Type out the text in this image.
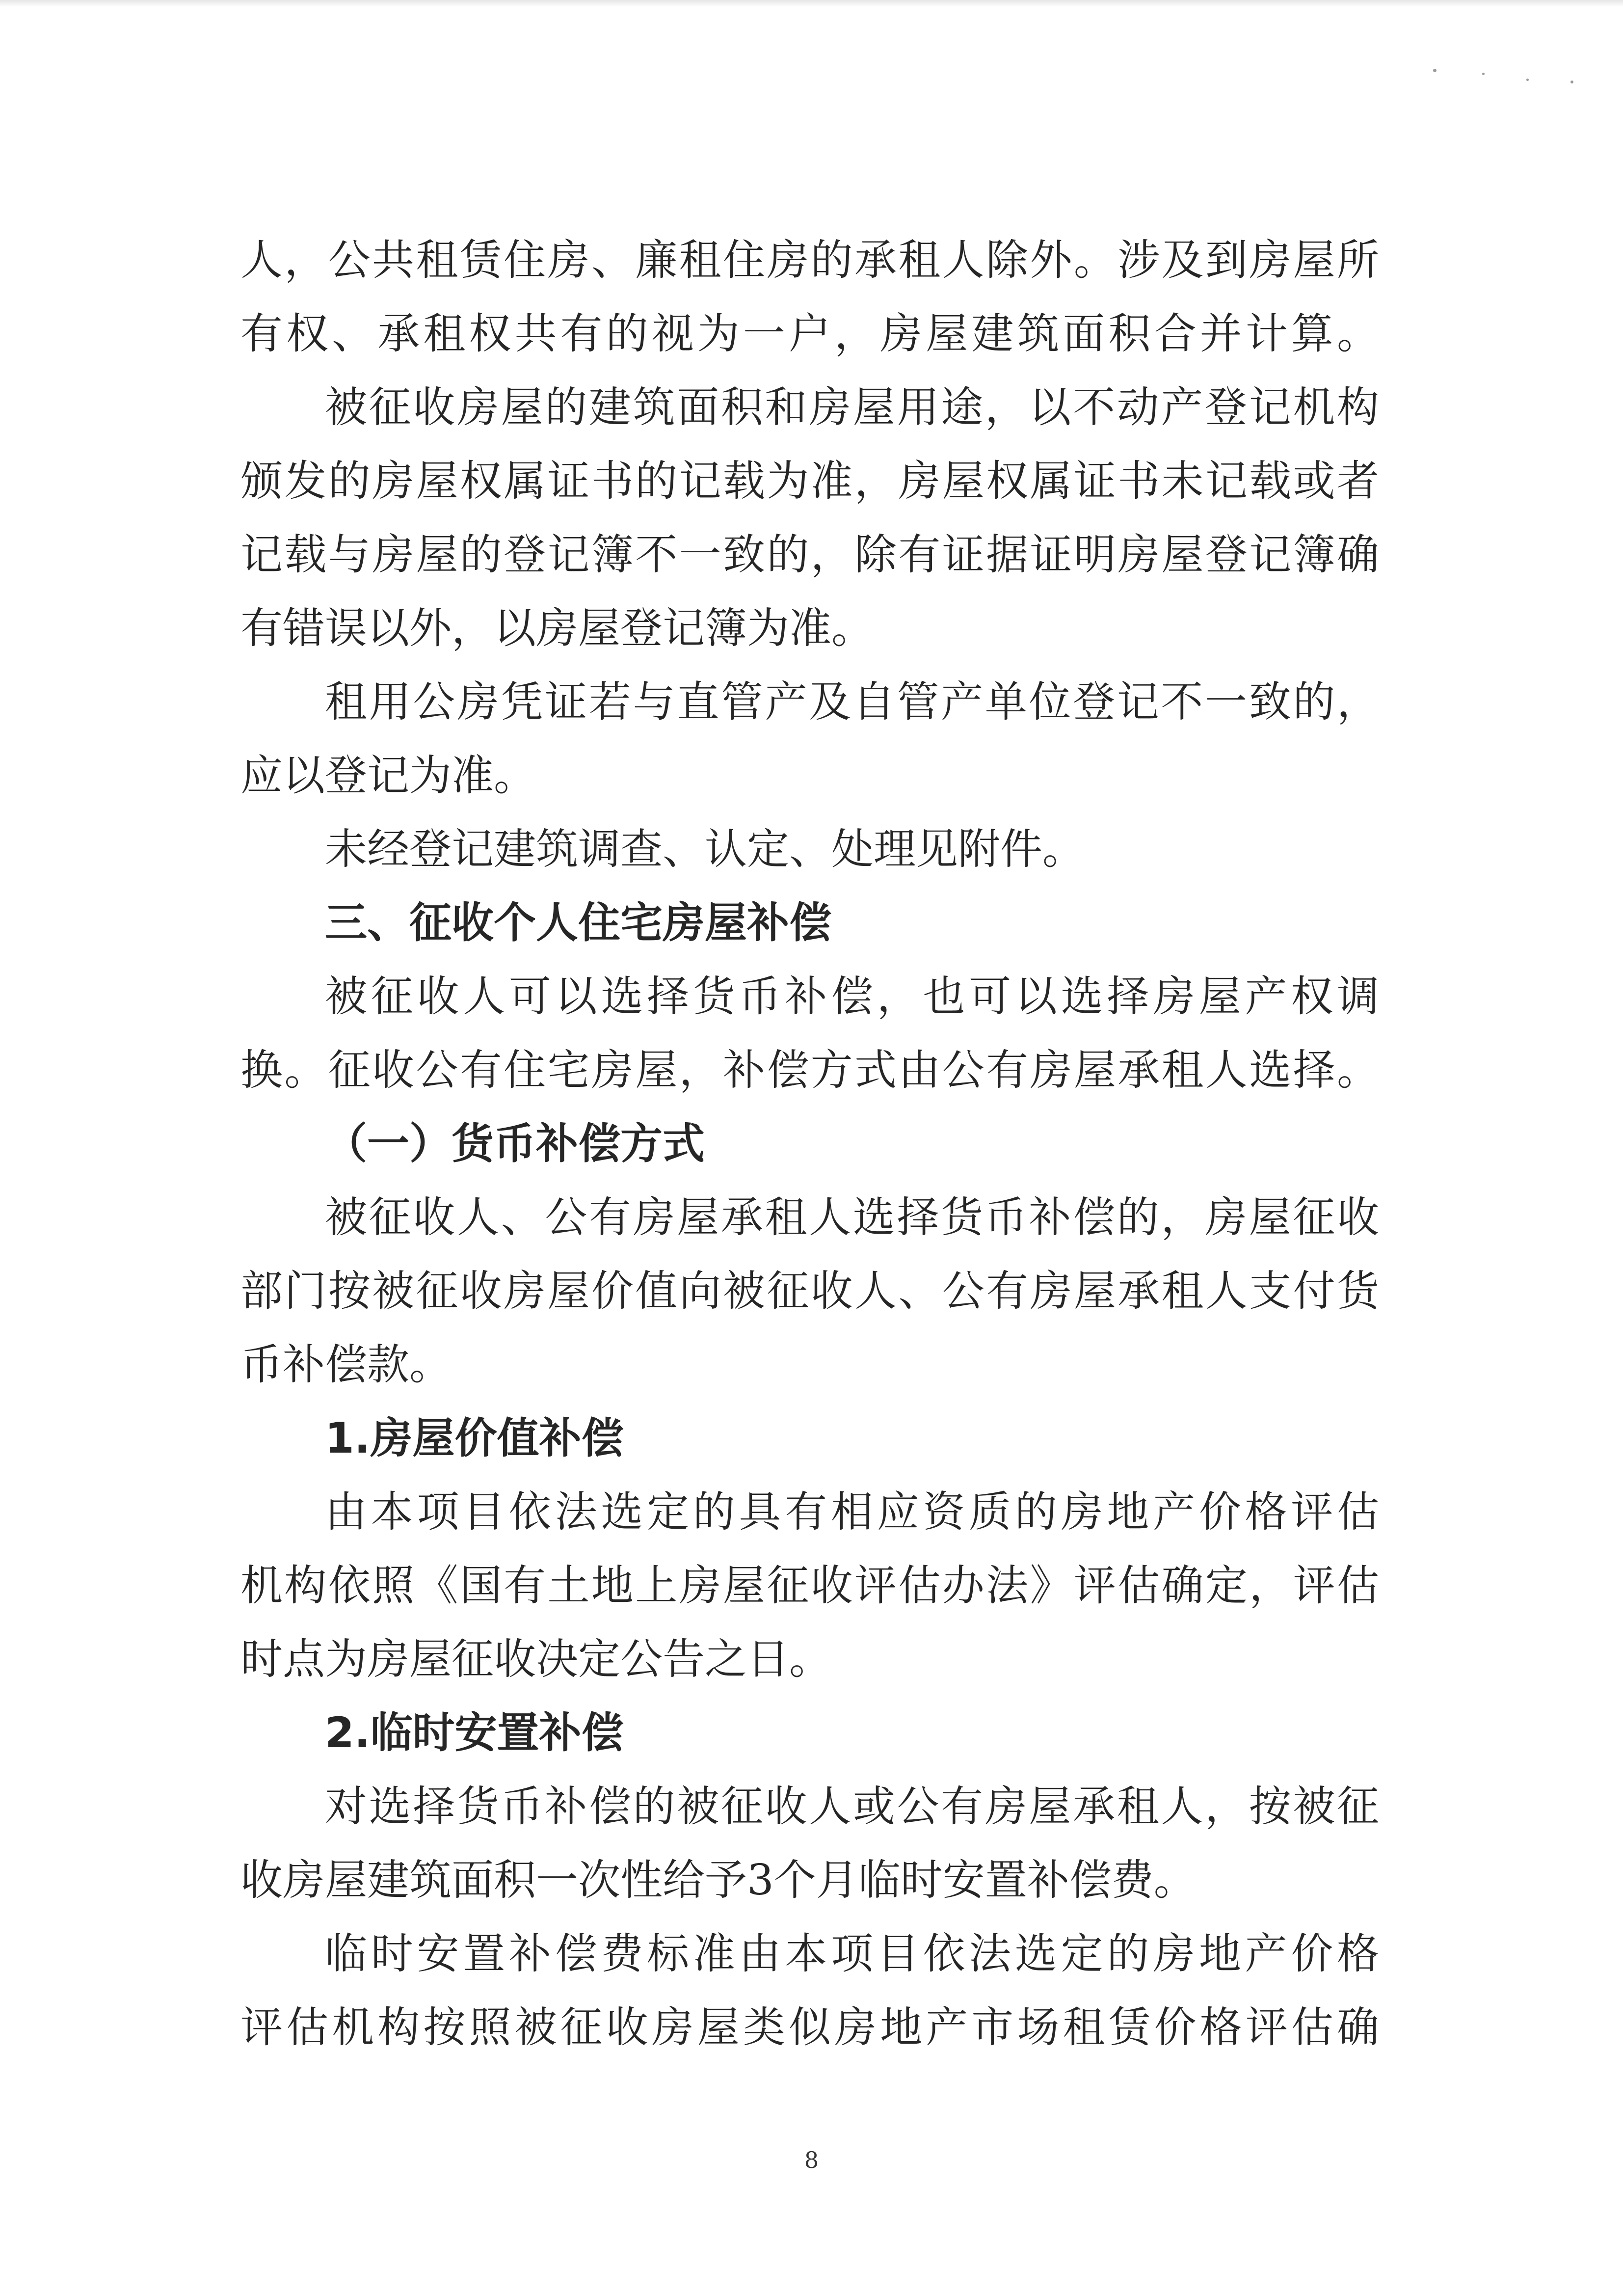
人，公共租赁住房、廉租住房的承租人除外。涉及到房屋所
有权、承租权共有的视为一户，房屋建筑面积合并计算。
被征收房屋的建筑面积和房屋用途，以不动产登记机构
颁发的房屋权属证书的记载为准，房屋权属证书未记载或者
记载与房屋的登记簿不一致的，除有证据证明房屋登记簿确
有错误以外，以房屋登记簿为准。
租用公房凭证若与直管产及自管产单位登记不一致的，
应以登记为准。
未经登记建筑调查、认定、处理见附件。
三、征收个人住宅房屋补偿
被征收人可以选择货币补偿，也可以选择房屋产权调
换。征收公有住宅房屋，补偿方式由公有房屋承租人选择。
（一）货币补偿方式
被征收人、公有房屋承租人选择货币补偿的，房屋征收
部门按被征收房屋价值向被征收人、公有房屋承租人支付货
币补偿款。
1.房屋价值补偿
由本项目依法选定的具有相应资质的房地产价格评估
机构依照《国有土地上房屋征收评估办法》评估确定，评估
时点为房屋征收决定公告之日。
2.临时安置补偿
对选择货币补偿的被征收人或公有房屋承租人，按被征
收房屋建筑面积一次性给予3个月临时安置补偿费。
临时安置补偿费标准由本项目依法选定的房地产价格
评估机构按照被征收房屋类似房地产市场租赁价格评估确
8
